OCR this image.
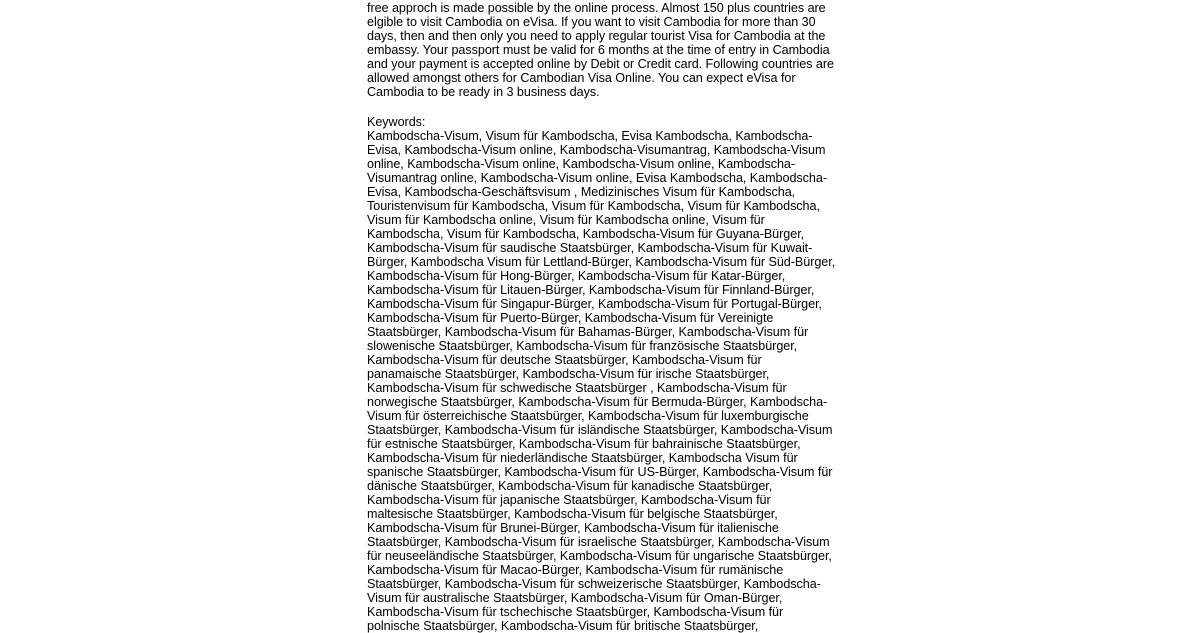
free approch is made possible by the online process. Almost 150 plus countries are
elgible to visit Cambodia on eVisa. If you want to visit Cambodia for more than 30
days, then and then only you need to apply regular tourist Visa for Cambodia at the
embassy. Your passport must be valid for 6 months at the time of entry in Cambodia
and your payment is accepted online by Debit or Credit card. Following countries are
allowed amongst others for Cambodian Visa Online. You can expect eVisa for
Cambodia to be ready in 3 business days.
Keywords:
Kambodscha-Visum, Visum für Kambodscha, Evisa Kambodscha, Kambodscha-
Evisa, Kambodscha-Visum online, Kambodscha-Visumantrag, Kambodscha-Visum
online, Kambodscha-Visum online, Kambodscha-Visum online, Kambodscha-
Visumantrag online, Kambodscha-Visum online, Evisa Kambodscha, Kambodscha-
Evisa, Kambodscha-Geschäftsvisum , Medizinisches Visum für Kambodscha,
Touristenvisum für Kambodscha, Visum für Kambodscha, Visum für Kambodscha,
Visum für Kambodscha online, Visum für Kambodscha online, Visum für
Kambodscha, Visum für Kambodscha, Kambodscha-Visum für Guyana-Bürger,
Kambodscha-Visum für saudische Staatsbürger, Kambodscha-Visum für Kuwait-
Bürger, Kambodscha Visum für Lettland-Bürger, Kambodscha-Visum für Süd-Bürger,
Kambodscha-Visum für Hong-Bürger, Kambodscha-Visum für Katar-Bürger,
Kambodscha-Visum für Litauen-Bürger, Kambodscha-Visum für Finnland-Bürger,
Kambodscha-Visum für Singapur-Bürger, Kambodscha-Visum für Portugal-Bürger,
Kambodscha-Visum für Puerto-Bürger, Kambodscha-Visum für Vereinigte
Staatsbürger, Kambodscha-Visum für Bahamas-Bürger, Kambodscha-Visum für
slowenische Staatsbürger, Kambodscha-Visum für französische Staatsbürger,
Kambodscha-Visum für deutsche Staatsbürger, Kambodscha-Visum für
panamaische Staatsbürger, Kambodscha-Visum für irische Staatsbürger,
Kambodscha-Visum für schwedische Staatsbürger , Kambodscha-Visum für
norwegische Staatsbürger, Kambodscha-Visum für Bermuda-Bürger, Kambodscha-
Visum für österreichische Staatsbürger, Kambodscha-Visum für luxemburgische
Staatsbürger, Kambodscha-Visum für isländische Staatsbürger, Kambodscha-Visum
für estnische Staatsbürger, Kambodscha-Visum für bahrainische Staatsbürger,
Kambodscha-Visum für niederländische Staatsbürger, Kambodscha Visum für
spanische Staatsbürger, Kambodscha-Visum für US-Bürger, Kambodscha-Visum für
dänische Staatsbürger, Kambodscha-Visum für kanadische Staatsbürger,
Kambodscha-Visum für japanische Staatsbürger, Kambodscha-Visum für
maltesische Staatsbürger, Kambodscha-Visum für belgische Staatsbürger,
Kambodscha-Visum für Brunei-Bürger, Kambodscha-Visum für italienische
Staatsbürger, Kambodscha-Visum für israelische Staatsbürger, Kambodscha-Visum
für neuseeländische Staatsbürger, Kambodscha-Visum für ungarische Staatsbürger,
Kambodscha-Visum für Macao-Bürger, Kambodscha-Visum für rumänische
Staatsbürger, Kambodscha-Visum für schweizerische Staatsbürger, Kambodscha-
Visum für australische Staatsbürger, Kambodscha-Visum für Oman-Bürger,
Kambodscha-Visum für tschechische Staatsbürger, Kambodscha-Visum für
polnische Staatsbürger, Kambodscha-Visum für britische Staatsbürger,
